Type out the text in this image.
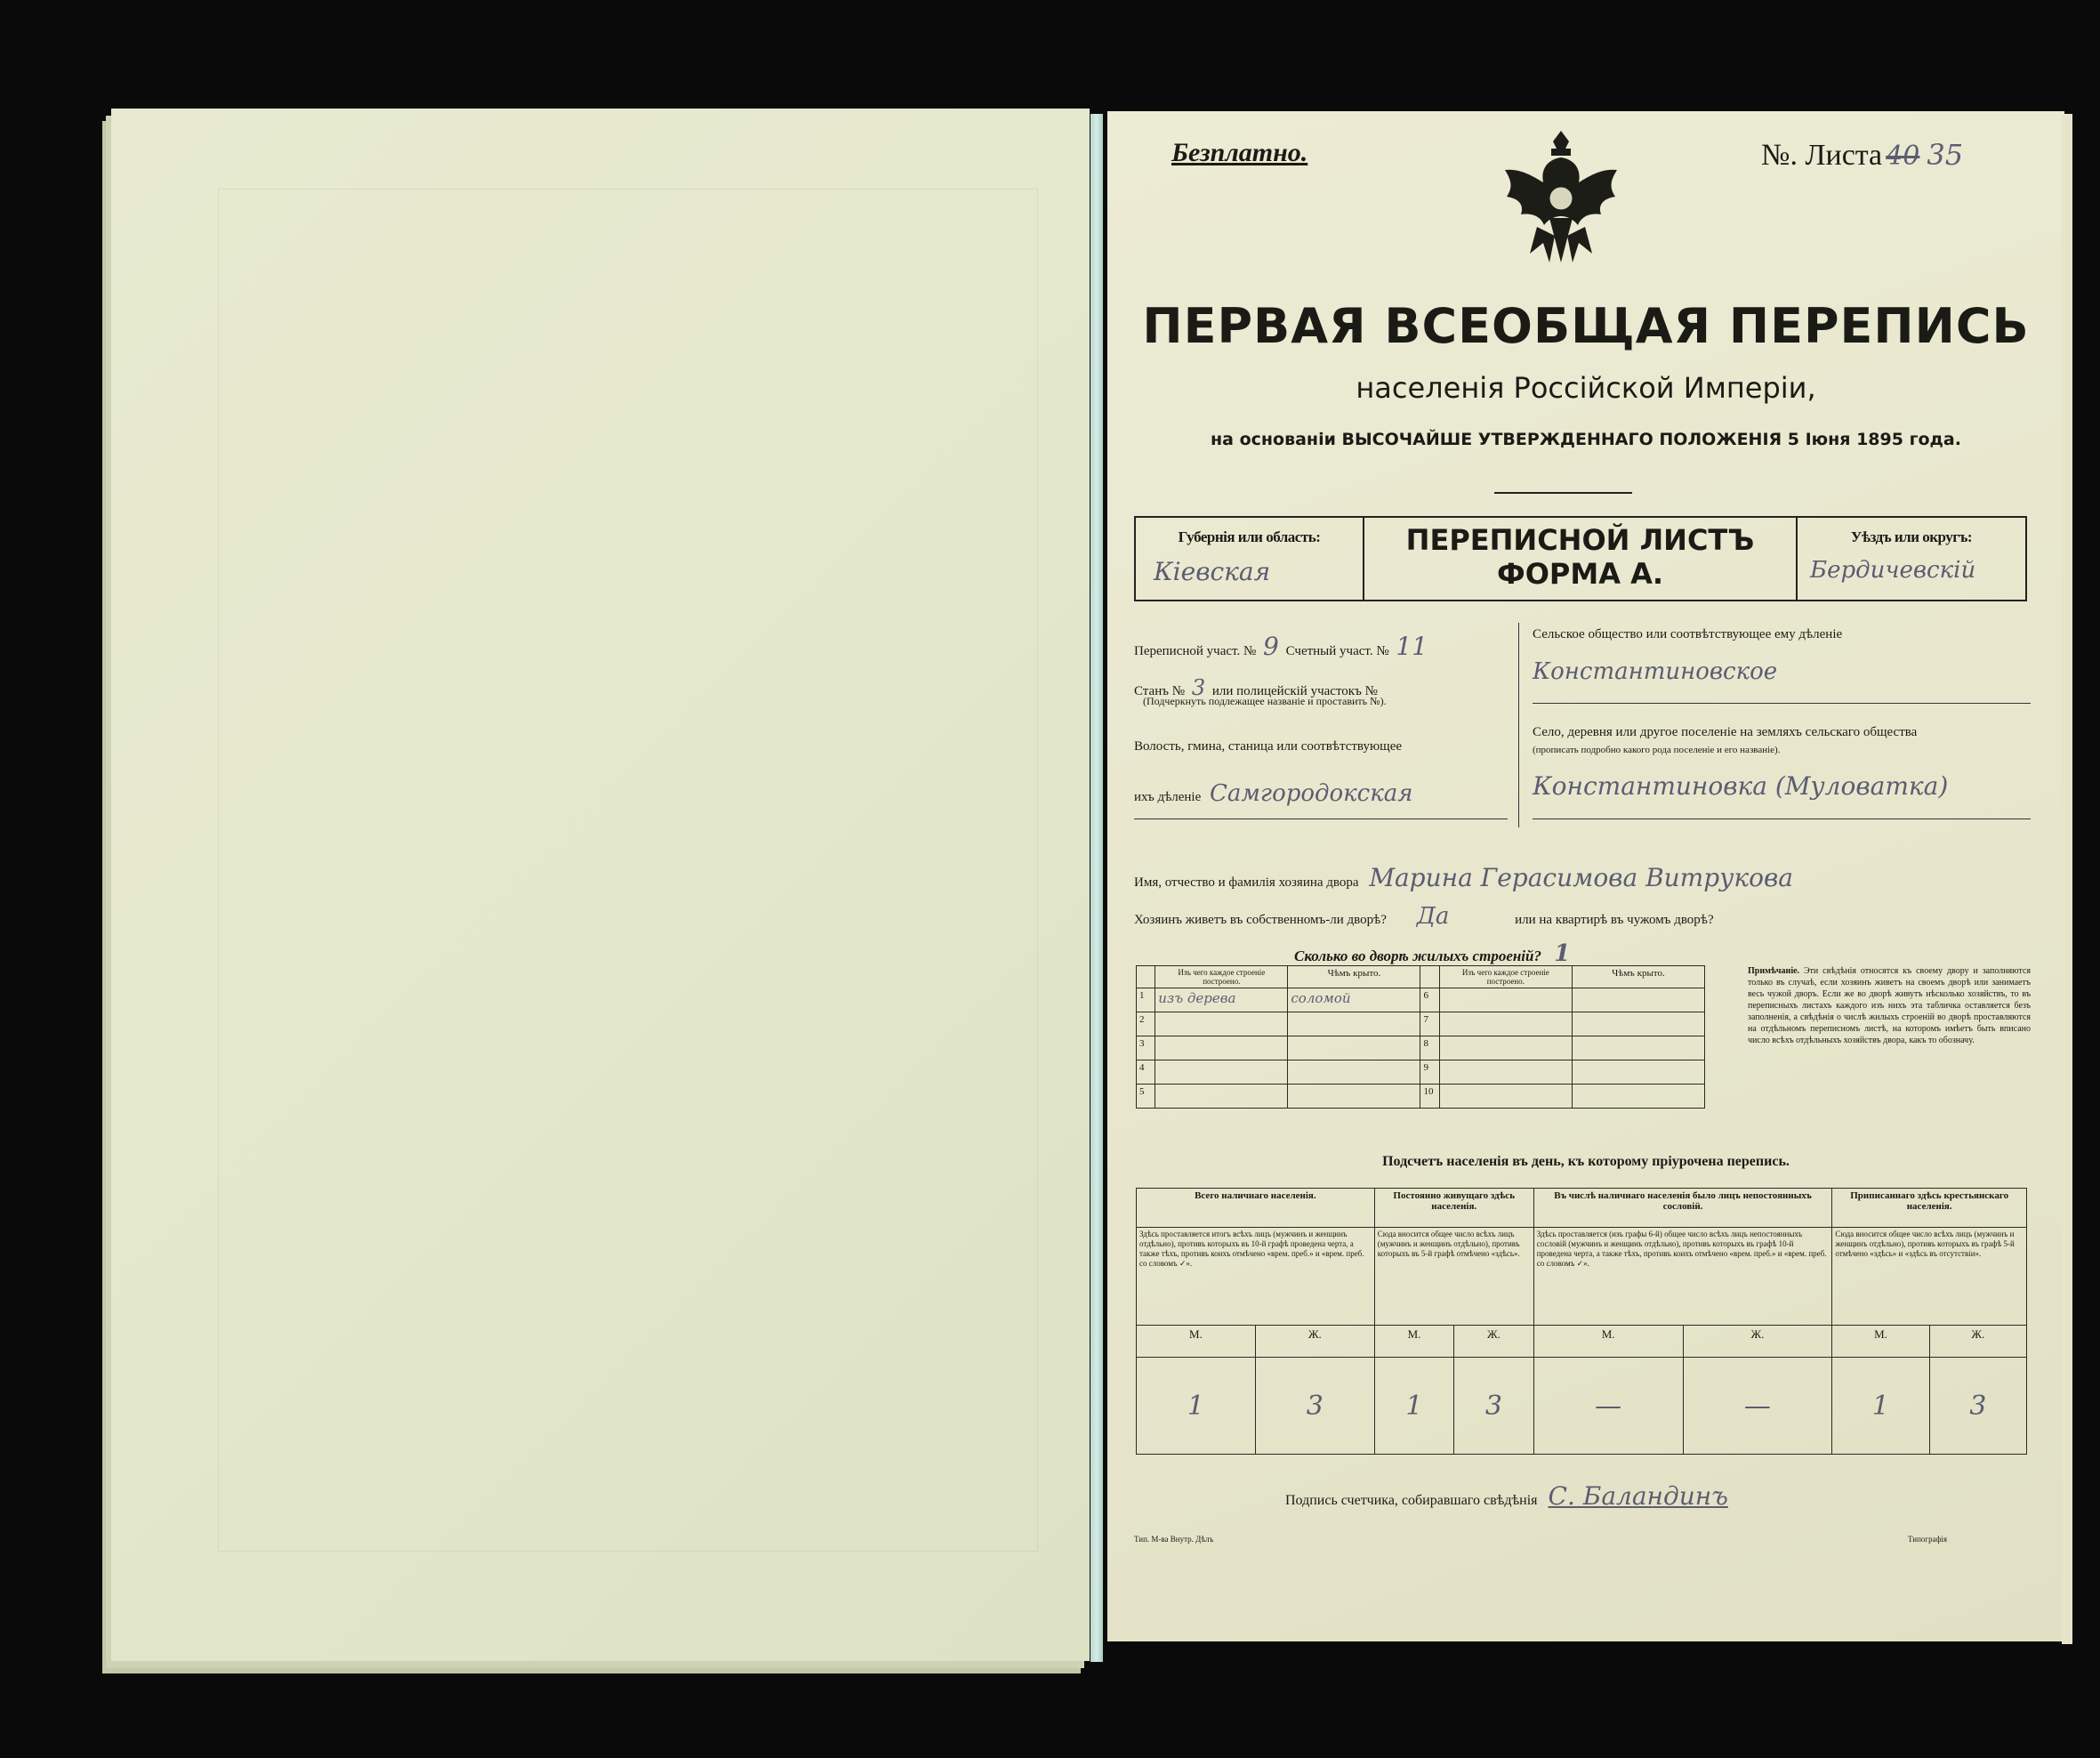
Безплатно.	№. Листа 40 35
ПЕРВАЯ ВСЕОБЩАЯ ПЕРЕПИСЬ
населенія Россійской Имперіи,
на основаніи ВЫСОЧАЙШЕ УТВЕРЖДЕННАГО ПОЛОЖЕНІЯ 5 Іюня 1895 года.
Губернія или область:
Кіевская
ПЕРЕПИСНОЙ ЛИСТЪ
ФОРМА А.
Уѣздъ или округъ:
Бердичевскій
Переписной участ. № 9 Счетный участ. № 11
Станъ № 3 или полицейскій участокъ №
(Подчеркнуть подлежащее названіе и проставить №).
Волость, гмина, станица или соотвѣтствующее
ихъ дѣленіе Самгородокская
Сельское общество или соотвѣтствующее ему дѣленіе
Константиновское
Село, деревня или другое поселеніе на земляхъ сельскаго общества
(прописать подробно какого рода поселеніе и его названіе).
Константиновка (Муловатка)
Имя, отчество и фамилія хозяина двора Марина Герасимова Витрукова
Хозяинъ живетъ въ собственномъ-ли дворѣ? Да	или на квартирѣ въ чужомъ дворѣ?
Сколько во дворѣ жилыхъ строеній? 1
	Изъ чего каждое строеніе построено.	Чѣмъ крыто.		Изъ чего каждое строеніе построено.	Чѣмъ крыто.
1	изъ дерева	соломой	6		
2			7		
3			8		
4			9		
5			10		
Примѣчаніе. Эти свѣдѣнія относятся къ своему двору и заполняются только въ случаѣ, если хозяинъ живетъ на своемъ дворѣ или занимаетъ весь чужой дворъ. Если же во дворѣ живутъ нѣсколько хозяйствъ, то въ переписныхъ листахъ каждого изъ нихъ эта табличка оставляется безъ заполненія, а свѣдѣнія о числѣ жилыхъ строеній во дворѣ проставляются на отдѣльномъ переписномъ листѣ, на которомъ имѣетъ быть вписано число всѣхъ отдѣльныхъ хозяйствъ двора, какъ то обозначу.
Подсчетъ населенія въ день, къ которому пріурочена перепись.
Всего наличнаго населенія.		Постоянно живущаго здѣсь населенія.		Въ числѣ наличнаго населенія было лицъ непостоянныхъ сословій.		Приписаннаго здѣсь крестьянскаго населенія.	
Здѣсь проставляется итогъ всѣхъ лицъ (мужчинъ и женщинъ отдѣльно), противъ которыхъ въ 10-й графѣ проведена черта, а также тѣхъ, противъ коихъ отмѣчено «врем. преб.» и «врем. преб. со словомъ ✓».		Сюда вносится общее число всѣхъ лицъ (мужчинъ и женщинъ отдѣльно), противъ которыхъ въ 5-й графѣ отмѣчено «здѣсь».		Здѣсь проставляется (изъ графы 6-й) общее число всѣхъ лицъ непостоянныхъ сословій (мужчинъ и женщинъ отдѣльно), противъ которыхъ въ графѣ 10-й проведена черта, а также тѣхъ, противъ коихъ отмѣчено «врем. преб.» и «врем. преб. со словомъ ✓».		Сюда вносится общее число всѣхъ лицъ (мужчинъ и женщинъ отдѣльно), противъ которыхъ въ графѣ 5-й отмѣчено «здѣсь» и «здѣсь въ отсутствіи».	
М.	Ж.	М.	Ж.	М.	Ж.	М.	Ж.
1	3	1	3	—	—	1	3
Подпись счетчика, собиравшаго свѣдѣнія С. Баландинъ
Тип. М-ва Внутр. Дѣлъ	Типографія
